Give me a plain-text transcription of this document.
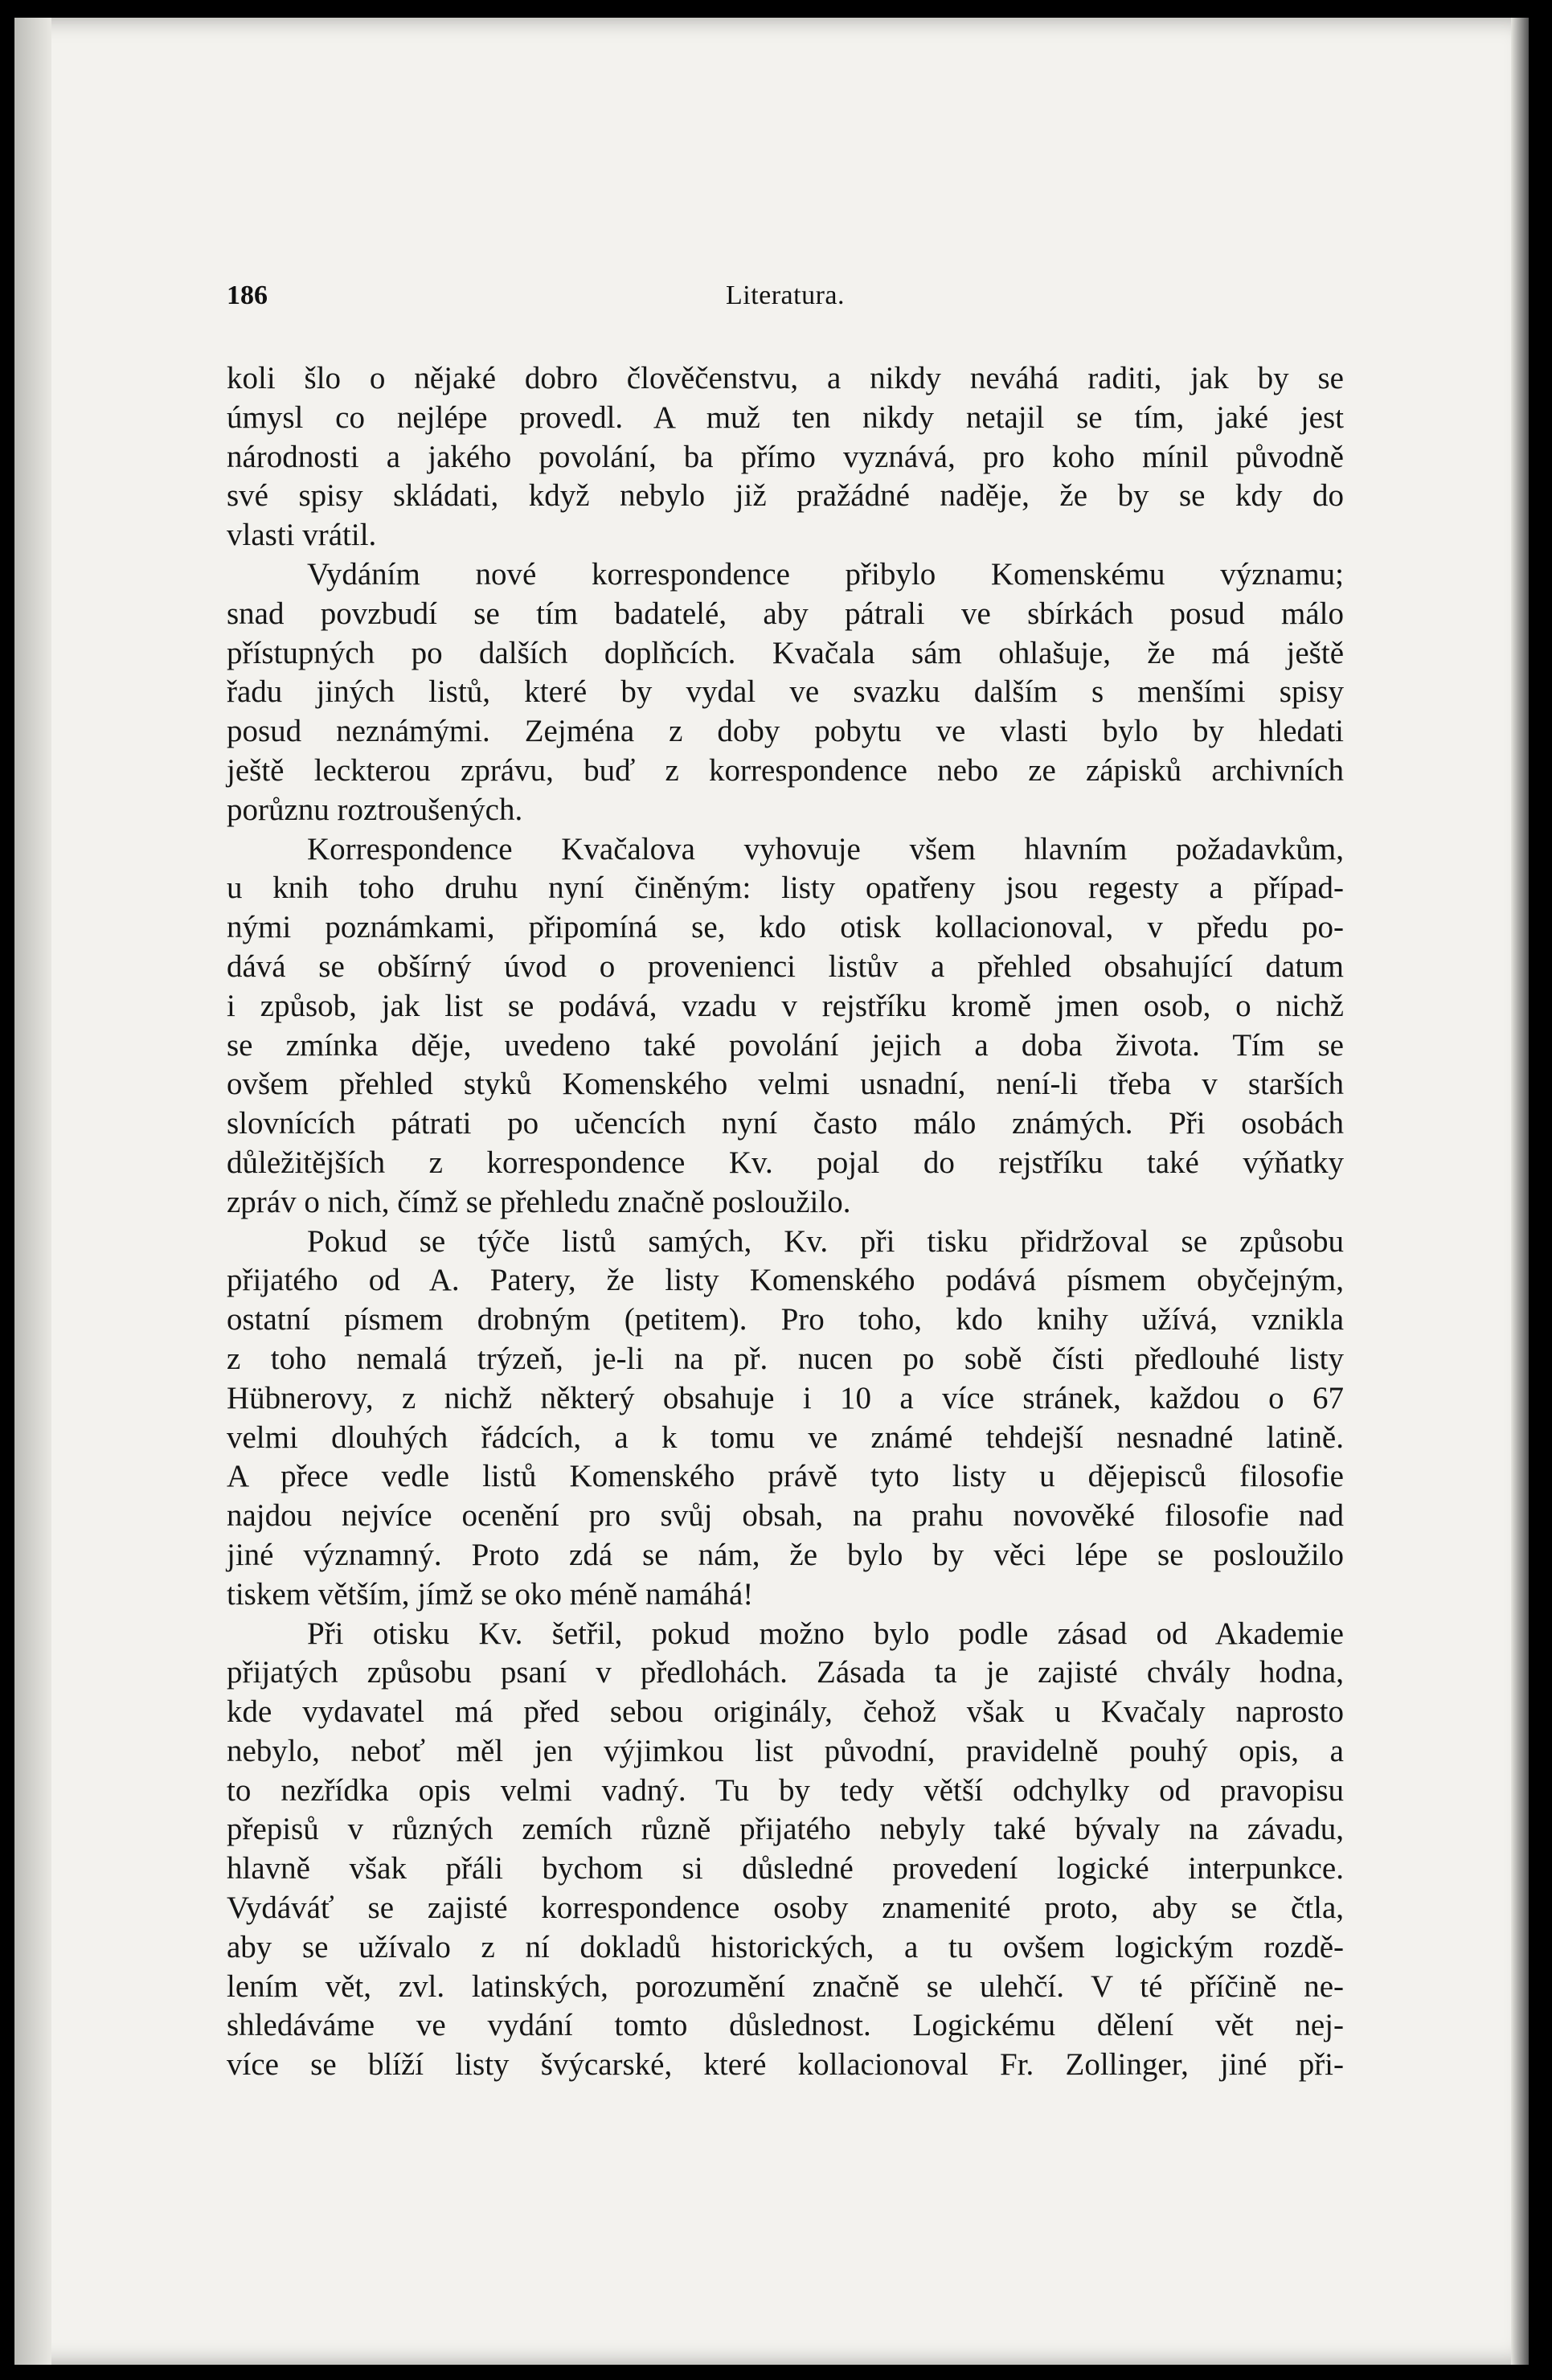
186	Literatura.
koli šlo o nějaké dobro člověčenstvu, a nikdy neváhá raditi, jak by se
úmysl co nejlépe provedl. A muž ten nikdy netajil se tím, jaké jest
národnosti a jakého povolání, ba přímo vyznává, pro koho mínil původně
své spisy skládati, když nebylo již pražádné naděje, že by se kdy do
vlasti vrátil.
Vydáním nové korrespondence přibylo Komenskému významu;
snad povzbudí se tím badatelé, aby pátrali ve sbírkách posud málo
přístupných po dalších doplňcích. Kvačala sám ohlašuje, že má ještě
řadu jiných listů, které by vydal ve svazku dalším s menšími spisy
posud neznámými. Zejména z doby pobytu ve vlasti bylo by hledati
ještě leckterou zprávu, buď z korrespondence nebo ze zápisků archivních
porůznu roztroušených.
Korrespondence Kvačalova vyhovuje všem hlavním požadavkům,
u knih toho druhu nyní činěným: listy opatřeny jsou regesty a případ-
nými poznámkami, připomíná se, kdo otisk kollacionoval, v předu po-
dává se obšírný úvod o provenienci listův a přehled obsahující datum
i způsob, jak list se podává, vzadu v rejstříku kromě jmen osob, o nichž
se zmínka děje, uvedeno také povolání jejich a doba života. Tím se
ovšem přehled styků Komenského velmi usnadní, není-li třeba v starších
slovnících pátrati po učencích nyní často málo známých. Při osobách
důležitějších z korrespondence Kv. pojal do rejstříku také výňatky
zpráv o nich, čímž se přehledu značně posloužilo.
Pokud se týče listů samých, Kv. při tisku přidržoval se způsobu
přijatého od A. Patery, že listy Komenského podává písmem obyčejným,
ostatní písmem drobným (petitem). Pro toho, kdo knihy užívá, vznikla
z toho nemalá trýzeň, je-li na př. nucen po sobě čísti předlouhé listy
Hübnerovy, z nichž některý obsahuje i 10 a více stránek, každou o 67
velmi dlouhých řádcích, a k tomu ve známé tehdejší nesnadné latině.
A přece vedle listů Komenského právě tyto listy u dějepisců filosofie
najdou nejvíce ocenění pro svůj obsah, na prahu novověké filosofie nad
jiné významný. Proto zdá se nám, že bylo by věci lépe se posloužilo
tiskem větším, jímž se oko méně namáhá!
Při otisku Kv. šetřil, pokud možno bylo podle zásad od Akademie
přijatých způsobu psaní v předlohách. Zásada ta je zajisté chvály hodna,
kde vydavatel má před sebou originály, čehož však u Kvačaly naprosto
nebylo, neboť měl jen výjimkou list původní, pravidelně pouhý opis, a
to nezřídka opis velmi vadný. Tu by tedy větší odchylky od pravopisu
přepisů v různých zemích různě přijatého nebyly také bývaly na závadu,
hlavně však přáli bychom si důsledné provedení logické interpunkce.
Vydáváť se zajisté korrespondence osoby znamenité proto, aby se čtla,
aby se užívalo z ní dokladů historických, a tu ovšem logickým rozdě-
lením vět, zvl. latinských, porozumění značně se ulehčí. V té příčině ne-
shledáváme ve vydání tomto důslednost. Logickému dělení vět nej-
více se blíží listy švýcarské, které kollacionoval Fr. Zollinger, jiné při-
